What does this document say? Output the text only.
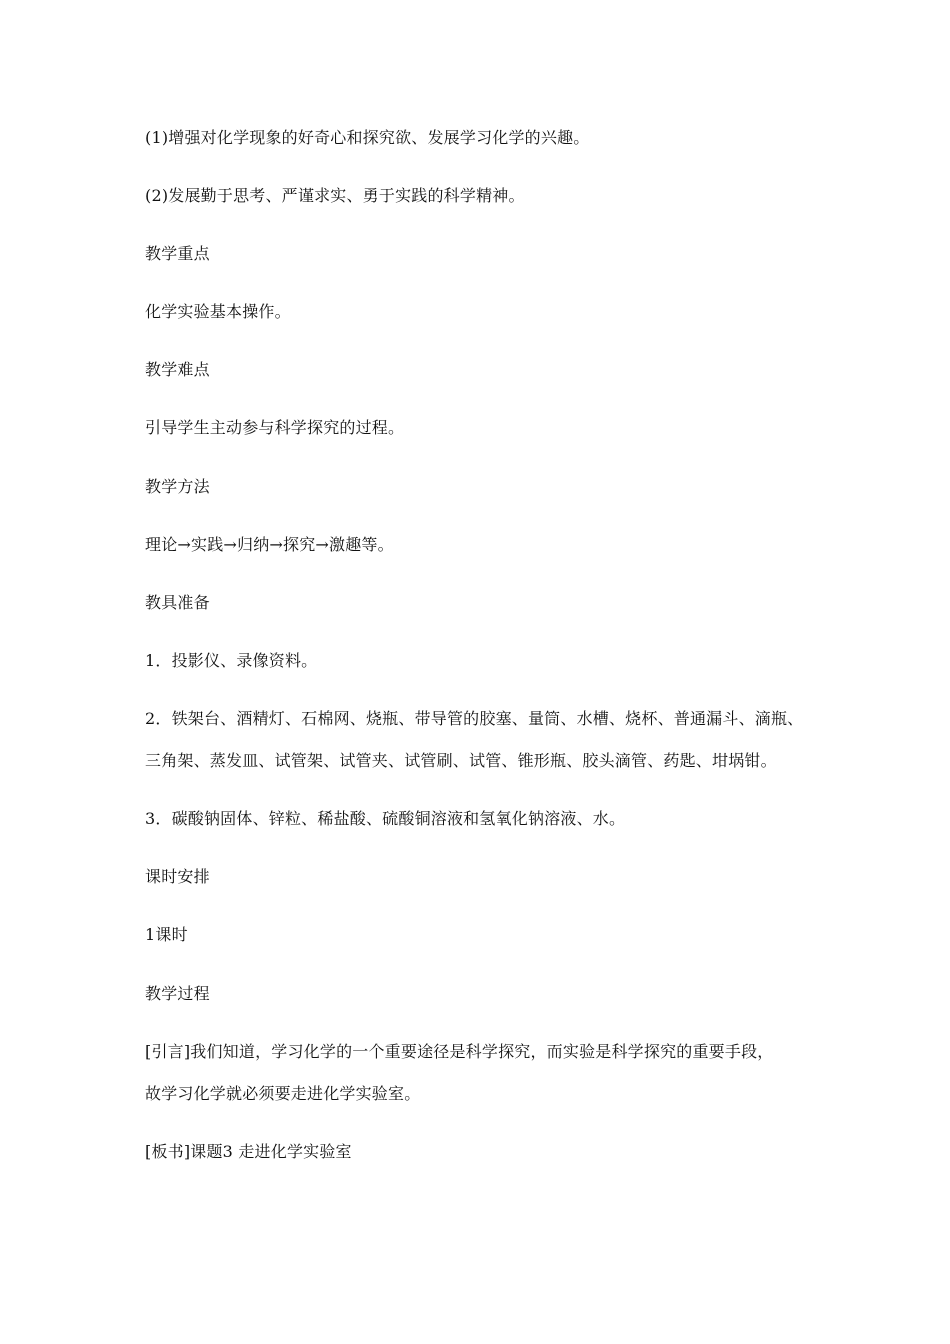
(1)增强对化学现象的好奇心和探究欲、发展学习化学的兴趣。
(2)发展勤于思考、严谨求实、勇于实践的科学精神。
教学重点
化学实验基本操作。
教学难点
引导学生主动参与科学探究的过程。
教学方法
理论→实践→归纳→探究→激趣等。
教具准备
1．投影仪、录像资料。
2．铁架台、酒精灯、石棉网、烧瓶、带导管的胶塞、量筒、水槽、烧杯、普通漏斗、滴瓶、
三角架、蒸发皿、试管架、试管夹、试管刷、试管、锥形瓶、胶头滴管、药匙、坩埚钳。
3．碳酸钠固体、锌粒、稀盐酸、硫酸铜溶液和氢氧化钠溶液、水。
课时安排
1课时
教学过程
[引言]我们知道，学习化学的一个重要途径是科学探究，而实验是科学探究的重要手段，
故学习化学就必须要走进化学实验室。
[板书]课题3 走进化学实验室
